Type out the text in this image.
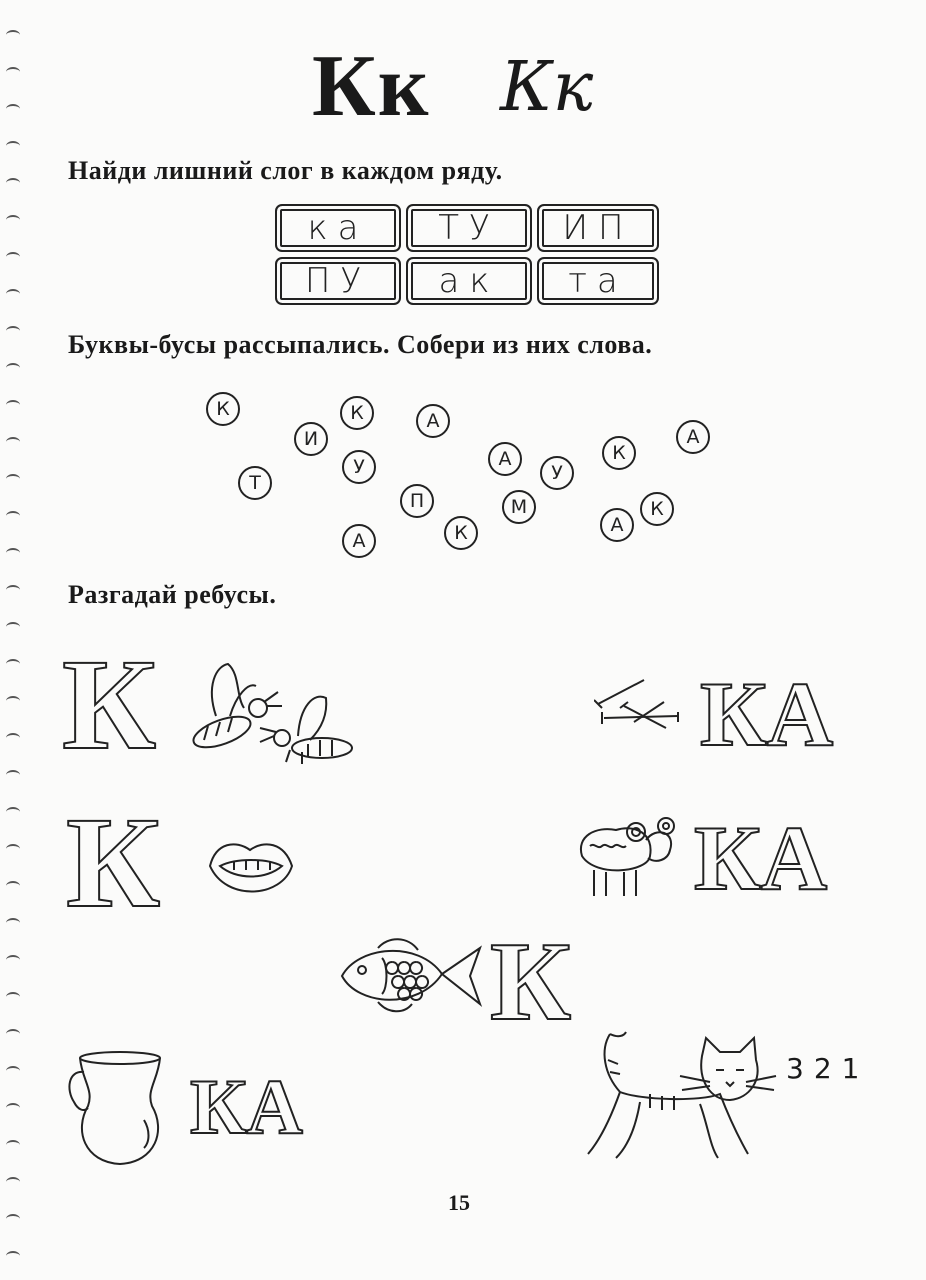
Кк Кк
Найди лишний слог в каждом ряду.
ка	ТУ	ИП
ПУ	ак	та
Буквы-бусы рассыпались. Собери из них слова.
К	К
И
А
Т
У	А
У
К
А
П	М
К
А
К
А
Разгадай ребусы.
К	КА
К	КА
К
КА	321
15
